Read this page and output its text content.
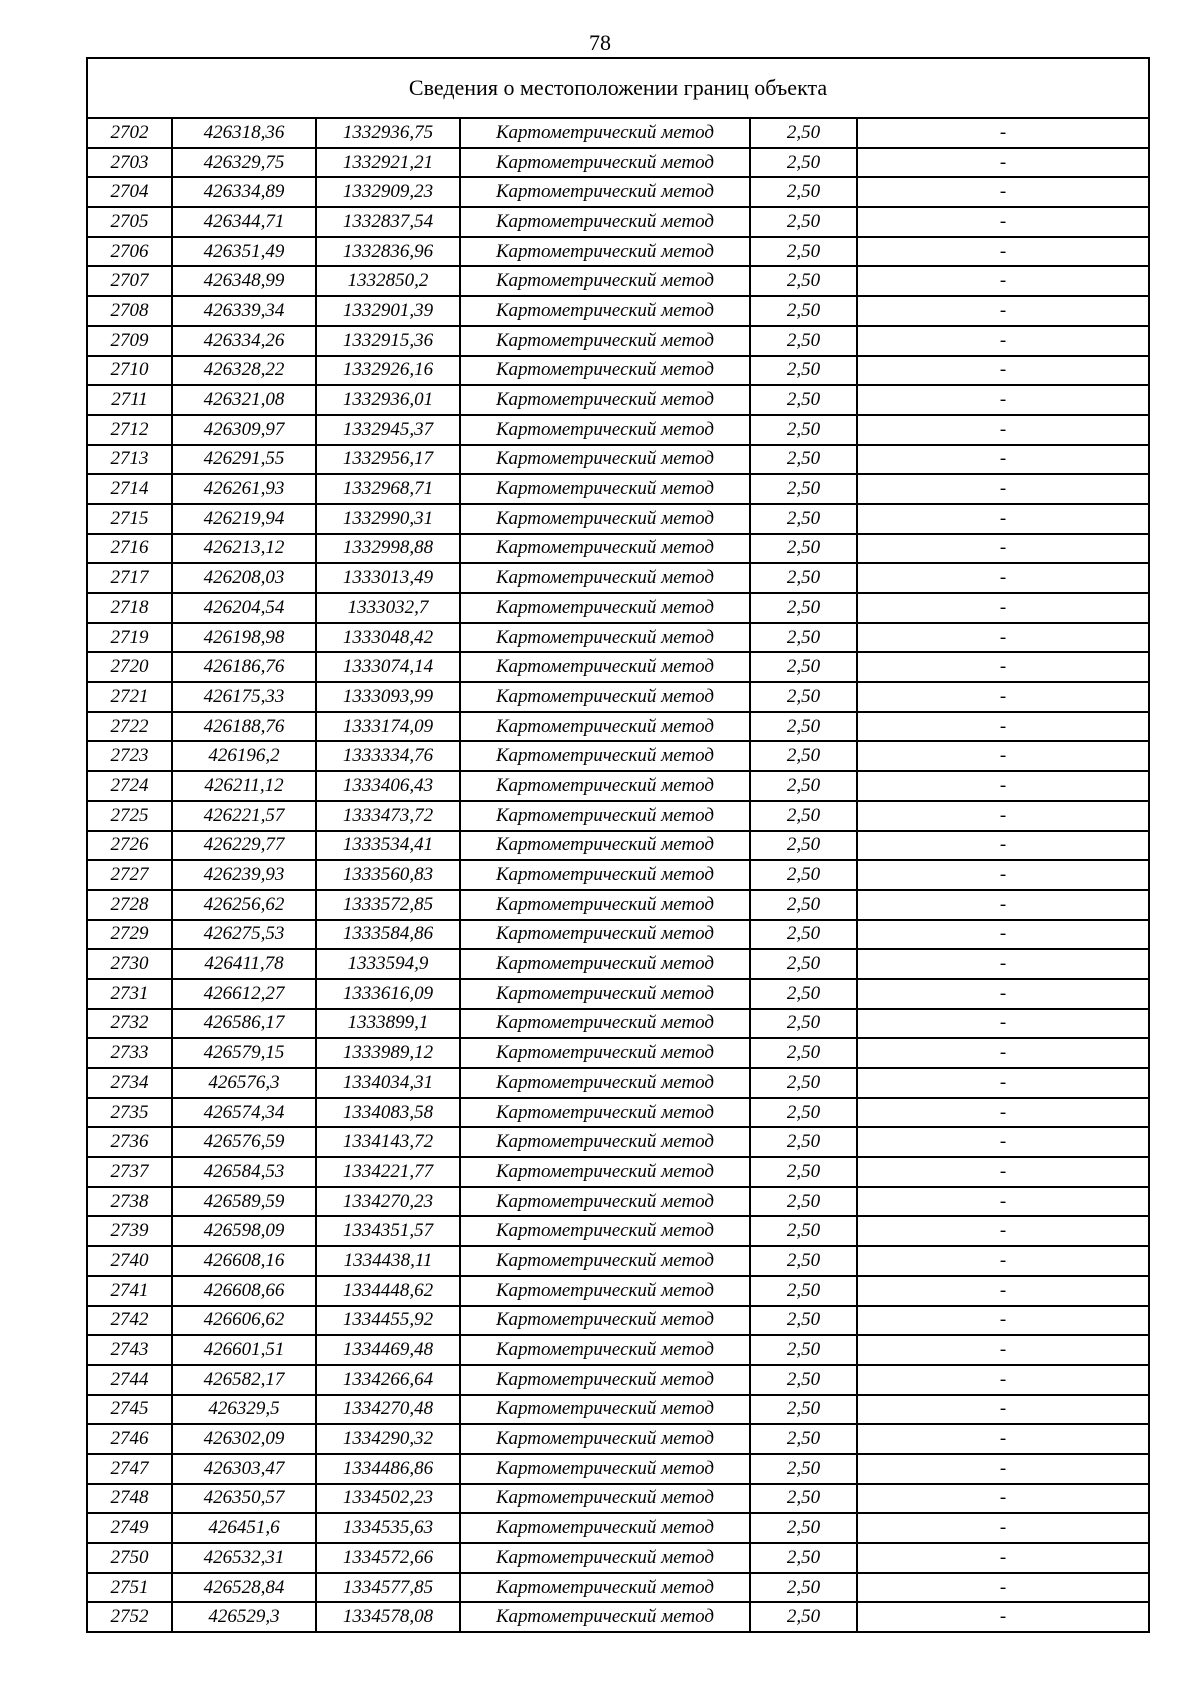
78
Сведения о местоположении границ объекта					
2702	426318,36	1332936,75	Картометрический метод	2,50	-
2703	426329,75	1332921,21	Картометрический метод	2,50	-
2704	426334,89	1332909,23	Картометрический метод	2,50	-
2705	426344,71	1332837,54	Картометрический метод	2,50	-
2706	426351,49	1332836,96	Картометрический метод	2,50	-
2707	426348,99	1332850,2	Картометрический метод	2,50	-
2708	426339,34	1332901,39	Картометрический метод	2,50	-
2709	426334,26	1332915,36	Картометрический метод	2,50	-
2710	426328,22	1332926,16	Картометрический метод	2,50	-
2711	426321,08	1332936,01	Картометрический метод	2,50	-
2712	426309,97	1332945,37	Картометрический метод	2,50	-
2713	426291,55	1332956,17	Картометрический метод	2,50	-
2714	426261,93	1332968,71	Картометрический метод	2,50	-
2715	426219,94	1332990,31	Картометрический метод	2,50	-
2716	426213,12	1332998,88	Картометрический метод	2,50	-
2717	426208,03	1333013,49	Картометрический метод	2,50	-
2718	426204,54	1333032,7	Картометрический метод	2,50	-
2719	426198,98	1333048,42	Картометрический метод	2,50	-
2720	426186,76	1333074,14	Картометрический метод	2,50	-
2721	426175,33	1333093,99	Картометрический метод	2,50	-
2722	426188,76	1333174,09	Картометрический метод	2,50	-
2723	426196,2	1333334,76	Картометрический метод	2,50	-
2724	426211,12	1333406,43	Картометрический метод	2,50	-
2725	426221,57	1333473,72	Картометрический метод	2,50	-
2726	426229,77	1333534,41	Картометрический метод	2,50	-
2727	426239,93	1333560,83	Картометрический метод	2,50	-
2728	426256,62	1333572,85	Картометрический метод	2,50	-
2729	426275,53	1333584,86	Картометрический метод	2,50	-
2730	426411,78	1333594,9	Картометрический метод	2,50	-
2731	426612,27	1333616,09	Картометрический метод	2,50	-
2732	426586,17	1333899,1	Картометрический метод	2,50	-
2733	426579,15	1333989,12	Картометрический метод	2,50	-
2734	426576,3	1334034,31	Картометрический метод	2,50	-
2735	426574,34	1334083,58	Картометрический метод	2,50	-
2736	426576,59	1334143,72	Картометрический метод	2,50	-
2737	426584,53	1334221,77	Картометрический метод	2,50	-
2738	426589,59	1334270,23	Картометрический метод	2,50	-
2739	426598,09	1334351,57	Картометрический метод	2,50	-
2740	426608,16	1334438,11	Картометрический метод	2,50	-
2741	426608,66	1334448,62	Картометрический метод	2,50	-
2742	426606,62	1334455,92	Картометрический метод	2,50	-
2743	426601,51	1334469,48	Картометрический метод	2,50	-
2744	426582,17	1334266,64	Картометрический метод	2,50	-
2745	426329,5	1334270,48	Картометрический метод	2,50	-
2746	426302,09	1334290,32	Картометрический метод	2,50	-
2747	426303,47	1334486,86	Картометрический метод	2,50	-
2748	426350,57	1334502,23	Картометрический метод	2,50	-
2749	426451,6	1334535,63	Картометрический метод	2,50	-
2750	426532,31	1334572,66	Картометрический метод	2,50	-
2751	426528,84	1334577,85	Картометрический метод	2,50	-
2752	426529,3	1334578,08	Картометрический метод	2,50	-
